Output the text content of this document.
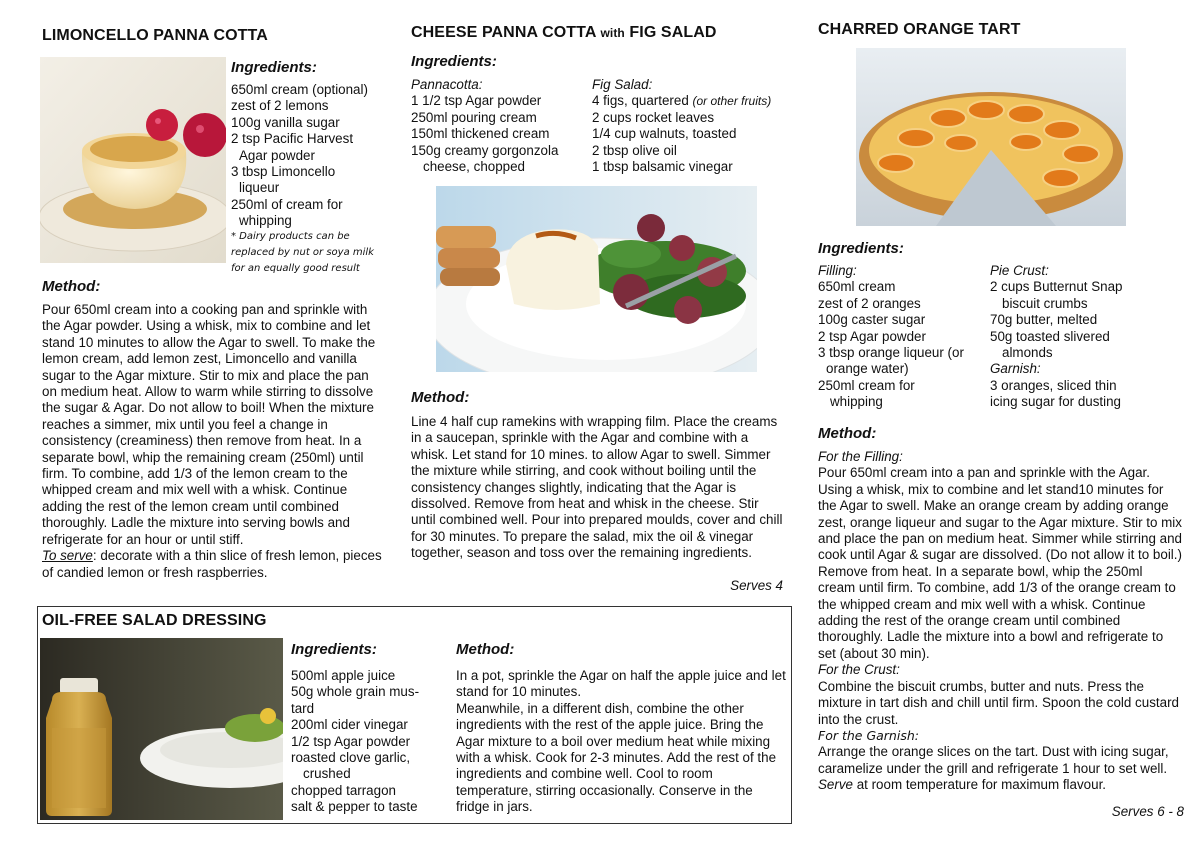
LIMONCELLO PANNA COTTA
Ingredients:
650ml cream (optional)
zest of 2 lemons
100g vanilla sugar
2 tsp Pacific Harvest
Agar powder
3 tbsp Limoncello
liqueur
250ml of cream for
whipping
* Dairy products can be
replaced by nut or soya milk
for an equally good result
Method:

Pour 650ml cream into a cooking pan and sprinkle with the Agar powder. Using a whisk, mix to combine and let stand 10 minutes to allow the Agar to swell. To make the lemon cream, add lemon zest, Limoncello and vanilla sugar to the Agar mixture. Stir to mix and place the pan on medium heat. Allow to warm while stirring to dissolve the sugar & Agar. Do not allow to boil! When the mixture reaches a simmer, mix until you feel a change in consistency (creaminess) then remove from heat. In a separate bowl, whip the remaining cream (250ml) until firm. To combine, add 1/3 of the lemon cream to the whipped cream and mix well with a whisk. Continue adding the rest of the lemon cream until combined thoroughly. Ladle the mixture into serving bowls and refrigerate for an hour or until stiff.

To serve: decorate with a thin slice of fresh lemon, pieces of candied lemon or fresh raspberries.

CHEESE PANNA COTTA with FIG SALAD
Ingredients:
Pannacotta:
1 1/2 tsp Agar powder
250ml pouring cream
150ml thickened cream
150g creamy gorgonzola
cheese, chopped
Fig Salad:
4 figs, quartered (or other fruits)
2 cups rocket leaves
1/4 cup walnuts, toasted
2 tbsp olive oil
1 tbsp balsamic vinegar
Method:
Line 4 half cup ramekins with wrapping film. Place the creams in a saucepan, sprinkle with the Agar and combine with a whisk. Let stand for 10 mines. to allow Agar to swell. Simmer the mixture while stirring, and cook without boiling until the consistency changes slightly, indicating that the Agar is dissolved. Remove from heat and whisk in the cheese. Stir until combined well. Pour into prepared moulds, cover and chill for 30 minutes. To prepare the salad, mix the oil & vinegar together, season and toss over the remaining ingredients.
Serves 4
CHARRED ORANGE TART
Ingredients:
Filling:
650ml cream
zest of 2 oranges
100g caster sugar
2 tsp Agar powder
3 tbsp orange liqueur (or
orange water)
250ml cream for
whipping
Pie Crust:
2 cups Butternut Snap
biscuit crumbs
70g butter, melted
50g toasted slivered
almonds
Garnish:
3 oranges, sliced thin
icing sugar for dusting
Method:

For the Filling:

Pour 650ml cream into a pan and sprinkle with the Agar. Using a whisk, mix to combine and let stand10 minutes for the Agar to swell. Make an orange cream by adding orange zest, orange liqueur and sugar to the Agar mixture. Stir to mix and place the pan on medium heat. Simmer while stirring and cook until Agar & sugar are dissolved. (Do not allow it to boil.) Remove from heat. In a separate bowl, whip the 250ml cream until firm. To combine, add 1/3 of the orange cream to the whipped cream and mix well with a whisk. Continue adding the rest of the orange cream until combined thoroughly. Ladle the mixture into a bowl and refrigerate to set (about 30 min).

For the Crust:

Combine the biscuit crumbs, butter and nuts. Press the mixture in tart dish and chill until firm. Spoon the cold custard into the crust.

For the Garnish:

Arrange the orange slices on the tart. Dust with icing sugar, caramelize under the grill and refrigerate 1 hour to set well. Serve at room temperature for maximum flavour.

Serves 6 - 8
OIL-FREE SALAD DRESSING
Ingredients:
500ml apple juice
50g whole grain mus-
tard
200ml cider vinegar
1/2 tsp Agar powder
roasted clove garlic,
crushed
chopped tarragon
salt & pepper to taste
Method:

In a pot, sprinkle the Agar on half the apple juice and let stand for 10 minutes.

Meanwhile, in a different dish, combine the other ingredients with the rest of the apple juice. Bring the Agar mixture to a boil over medium heat while mixing with a whisk. Cook for 2-3 minutes. Add the rest of the ingredients and combine well. Cool to room temperature, stirring occasionally. Conserve in the fridge in jars.
